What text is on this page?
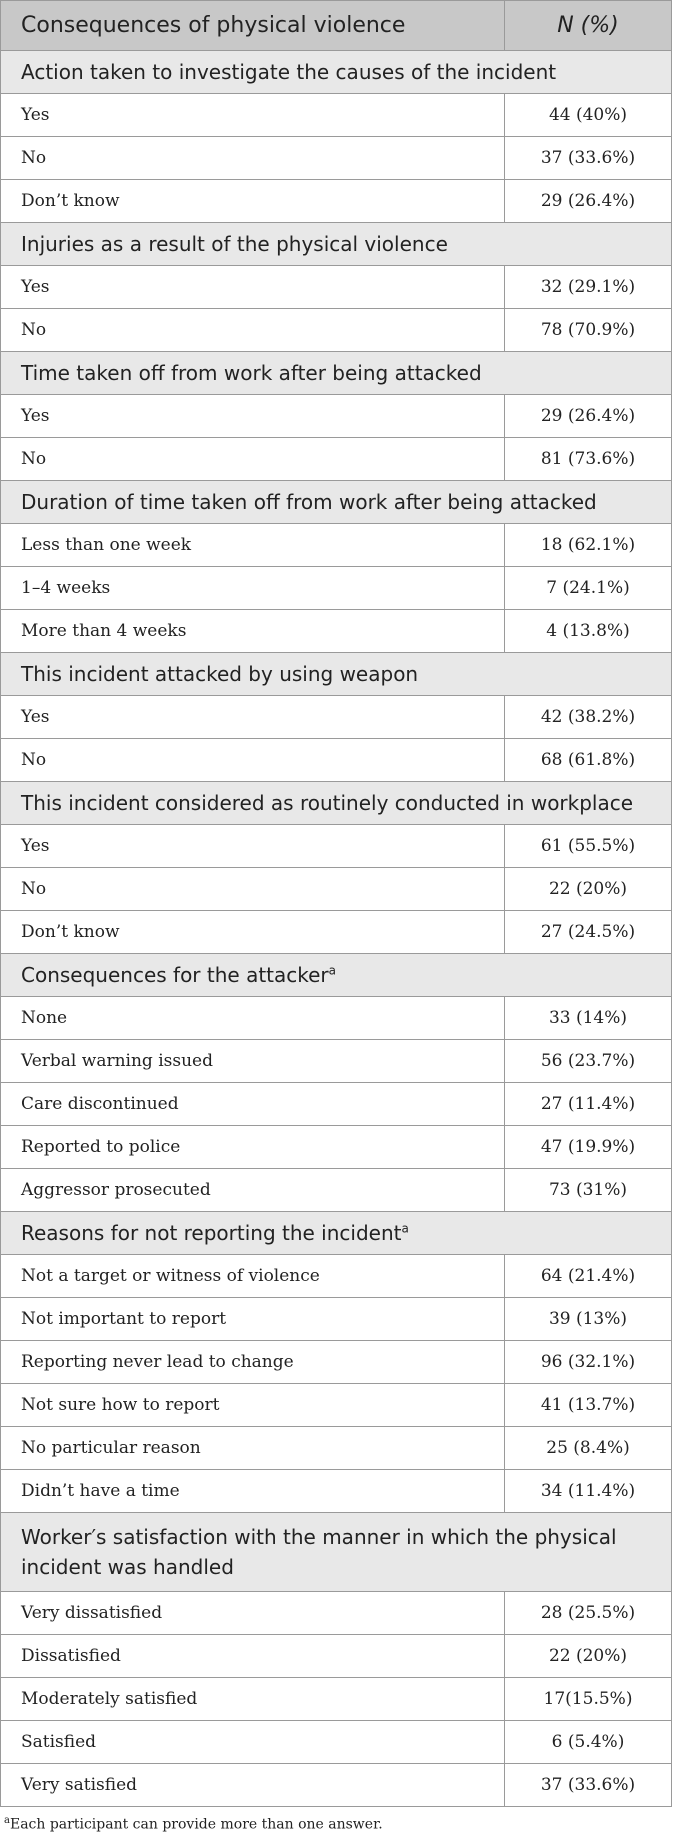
Consequences of physical violence	N (%)
Action taken to investigate the causes of the incident	
Yes	44 (40%)
No	37 (33.6%)
Don’t know	29 (26.4%)
Injuries as a result of the physical violence	
Yes	32 (29.1%)
No	78 (70.9%)
Time taken off from work after being attacked	
Yes	29 (26.4%)
No	81 (73.6%)
Duration of time taken off from work after being attacked	
Less than one week	18 (62.1%)
1–4 weeks	7 (24.1%)
More than 4 weeks	4 (13.8%)
This incident attacked by using weapon	
Yes	42 (38.2%)
No	68 (61.8%)
This incident considered as routinely conducted in workplace	
Yes	61 (55.5%)
No	22 (20%)
Don’t know	27 (24.5%)
Consequences for the attacker$^a$
None	33 (14%)
Verbal warning issued	56 (23.7%)
Care discontinued	27 (11.4%)
Reported to police	47 (19.9%)
Aggressor prosecuted	73 (31%)
Reasons for not reporting the incident$^a$
Not a target or witness of violence	64 (21.4%)
Not important to report	39 (13%)
Reporting never lead to change	96 (32.1%)
Not sure how to report	41 (13.7%)
No particular reason	25 (8.4%)
Didn’t have a time	34 (11.4%)
Worker′s satisfaction with the manner in which the physical incident was handled	
Very dissatisfied	28 (25.5%)
Dissatisfied	22 (20%)
Moderately satisfied	17(15.5%)
Satisfied	6 (5.4%)
Very satisfied	37 (33.6%)
$^a$Each participant can provide more than one answer.
